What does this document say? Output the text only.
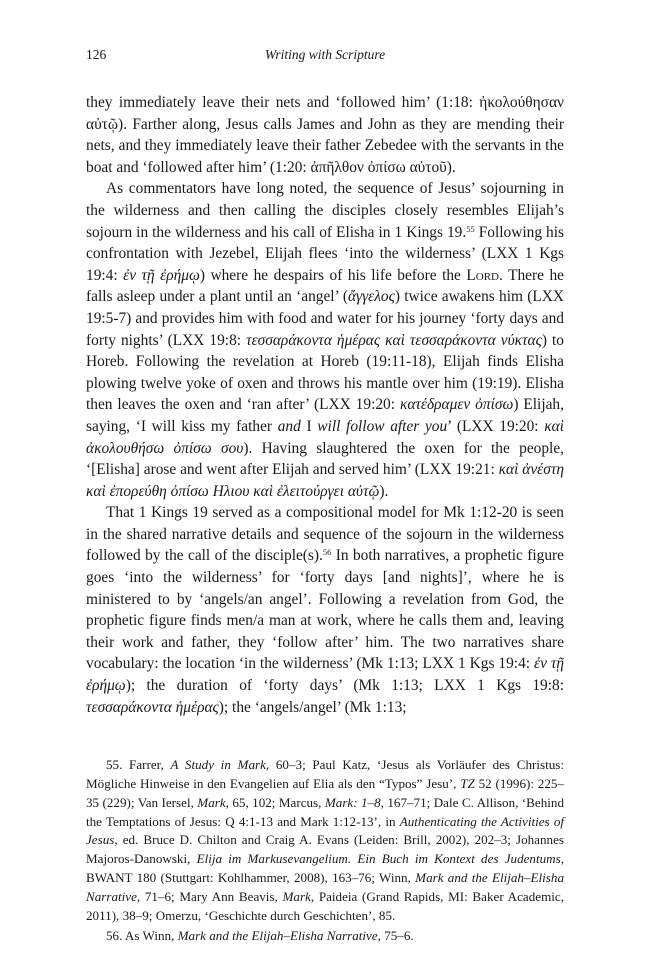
126	Writing with Scripture

they immediately leave their nets and ‘followed him’ (1:18: ἠκολούθησαν αὐτῷ). Farther along, Jesus calls James and John as they are mending their nets, and they immediately leave their father Zebedee with the servants in the boat and ‘followed after him’ (1:20: ἀπῆλθον ὀπίσω αὐτοῦ).

As commentators have long noted, the sequence of Jesus’ sojourning in the wilderness and then calling the disciples closely resembles Elijah’s sojourn in the wilderness and his call of Elisha in 1 Kings 19.55 Following his confrontation with Jezebel, Elijah flees ‘into the wilderness’ (LXX 1 Kgs 19:4: ἐν τῇ ἐρήμῳ) where he despairs of his life before the Lord. There he falls asleep under a plant until an ‘angel’ (ἄγγελος) twice awakens him (LXX 19:5-7) and provides him with food and water for his journey ‘forty days and forty nights’ (LXX 19:8: τεσσαράκοντα ἡμέρας καὶ τεσσαράκοντα νύκτας) to Horeb. Following the revelation at Horeb (19:11-18), Elijah finds Elisha plowing twelve yoke of oxen and throws his mantle over him (19:19). Elisha then leaves the oxen and ‘ran after’ (LXX 19:20: κατέδραμεν ὀπίσω) Elijah, saying, ‘I will kiss my father and I will follow after you’ (LXX 19:20: καὶ ἀκολουθήσω ὀπίσω σου). Having slaughtered the oxen for the people, ‘[Elisha] arose and went after Elijah and served him’ (LXX 19:21: καὶ ἀνέστη καὶ ἐπορεύθη ὀπίσω Ηλιου καὶ ἐλειτούργει αὐτῷ).

That 1 Kings 19 served as a compositional model for Mk 1:12-20 is seen in the shared narrative details and sequence of the sojourn in the wilderness followed by the call of the disciple(s).$^{56}$ In both narratives, a prophetic figure goes ‘into the wilderness’ for ‘forty days [and nights]’, where he is ministered to by ‘angels/an angel’. Following a revelation from God, the prophetic figure finds men/a man at work, where he calls them and, leaving their work and father, they ‘follow after’ him. The two narratives share vocabulary: the location ‘in the wilderness’ (Mk 1:13; LXX 1 Kgs 19:4: ἐν τῇ ἐρήμῳ); the duration of ‘forty days’ (Mk 1:13; LXX 1 Kgs 19:8: τεσσαράκοντα ἡμέρας); the ‘angels/angel’ (Mk 1:13;

55. Farrer, A Study in Mark, 60–3; Paul Katz, ‘Jesus als Vorläufer des Christus: Mögliche Hinweise in den Evangelien auf Elia als den “Typos” Jesu’, TZ 52 (1996): 225–35 (229); Van Iersel, Mark, 65, 102; Marcus, Mark: 1–8, 167–71; Dale C. Allison, ‘Behind the Temptations of Jesus: Q 4:1-13 and Mark 1:12-13’, in Authenticating the Activities of Jesus, ed. Bruce D. Chilton and Craig A. Evans (Leiden: Brill, 2002), 202–3; Johannes Majoros-Danowski, Elija im Markusevangelium. Ein Buch im Kontext des Judentums, BWANT 180 (Stuttgart: Kohlhammer, 2008), 163–76; Winn, Mark and the Elijah–Elisha Narrative, 71–6; Mary Ann Beavis, Mark, Paideia (Grand Rapids, MI: Baker Academic, 2011), 38–9; Omerzu, ‘Geschichte durch Geschichten’, 85.

56. As Winn, Mark and the Elijah–Elisha Narrative, 75–6.
